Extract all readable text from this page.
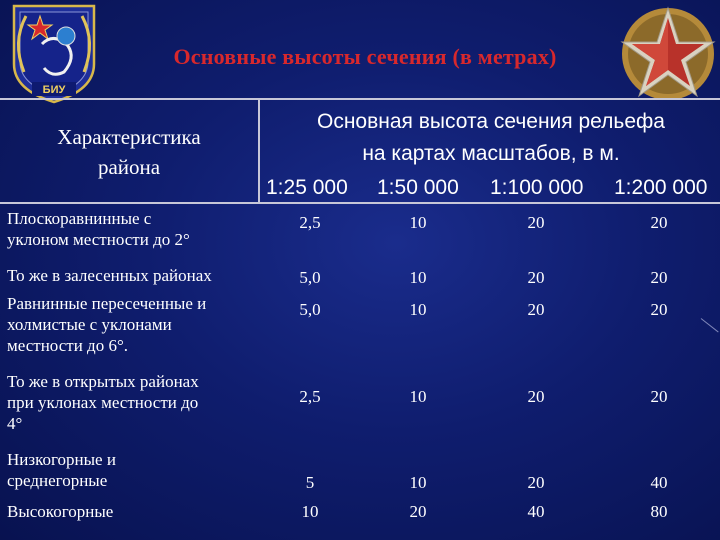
БИУ
Основные высоты сечения (в метрах)
Характеристика
района
Основная высота сечения рельефа
на картах масштабов, в м.
1:25 000 1:50 000 1:100 000 1:200 000
Плоскоравнинные с
уклоном местности до 2°
2,5	10	20	20
То же в залесенных районах	5,0	10	20	20
Равнинные пересеченные и
холмистые с уклонами
местности до 6°.
5,0	10	20	20
То же в открытых районах
при уклонах местности до
4°
2,5	10	20	20
Низкогорные и
среднегорные	5	10	20	40
Высокогорные	10	20	40	80
